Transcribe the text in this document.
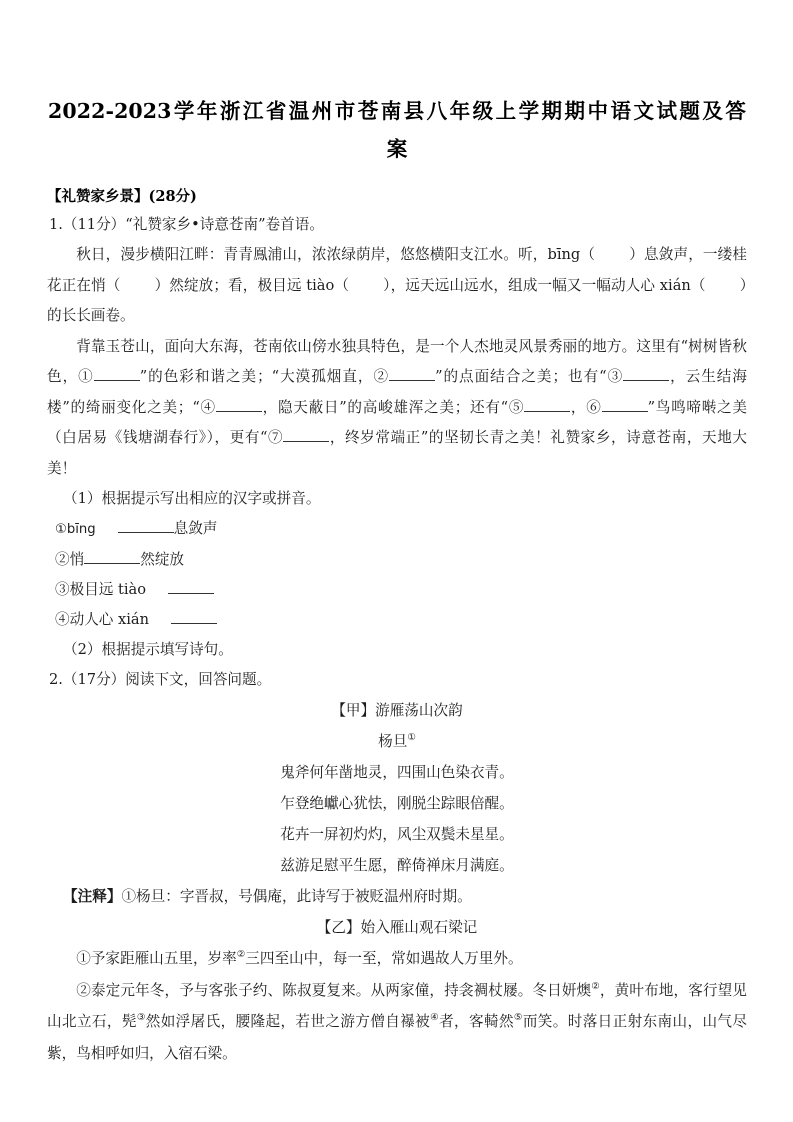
2022-2023学年浙江省温州市苍南县八年级上学期期中语文试题及答
案

【礼赞家乡景】(28分)

1.（11分）“礼赞家乡•诗意苍南”卷首语。

秋日，漫步横阳江畔：青青鳯浦山，浓浓绿荫岸，悠悠横阳支江水。听，bīng（ ）息敛声，一缕桂花正在悄（ ）然绽放；看，极目远 tiào（ ），远天远山远水，组成一幅又一幅动人心 xián（ ）的长长画卷。

背靠玉苍山，面向大东海，苍南依山傍水独具特色，是一个人杰地灵风景秀丽的地方。这里有“树树皆秋色，①	”的色彩和谐之美；“大漠孤烟直，②	”的点面结合之美；也有“③	，云生结海楼”的绮丽变化之美；“④	，隐天蔽日”的高峻雄浑之美；还有“⑤	，⑥	”鸟鸣啼啭之美（白居易《钱塘湖春行》），更有“⑦	，终岁常端正”的坚韧长青之美！礼赞家乡，诗意苍南，天地大美！

（1）根据提示写出相应的汉字或拼音。

①bīng	息敛声

②悄	然绽放

③极目远 tiào

④动人心 xián

（2）根据提示填写诗句。

2.（17分）阅读下文，回答问题。

【甲】游雁荡山次韵

杨旦①

鬼斧何年凿地灵，四围山色染衣青。

乍登绝巘心犹怯，刚脱尘踪眼倍醒。

花卉一屏初灼灼，风尘双鬓未星星。

兹游足慰平生愿，醉倚禅床月满庭。

【注释】①杨旦：字晋叔，号偶庵，此诗写于被贬温州府时期。

【乙】始入雁山观石梁记

①予家距雁山五里，岁率②三四至山中，每一至，常如遇故人万里外。

②泰定元年冬，予与客张子约、陈叔夏复来。从两家僮，持衾裯杖屦。冬日妍燠②，黄叶布地，客行望见山北立石，髡③然如浮屠氏，腰隆起，若世之游方僧自襮被④者，客輢然⑤而笑。时落日正射东南山，山气尽紫，鸟相呼如归，入宿石梁。
